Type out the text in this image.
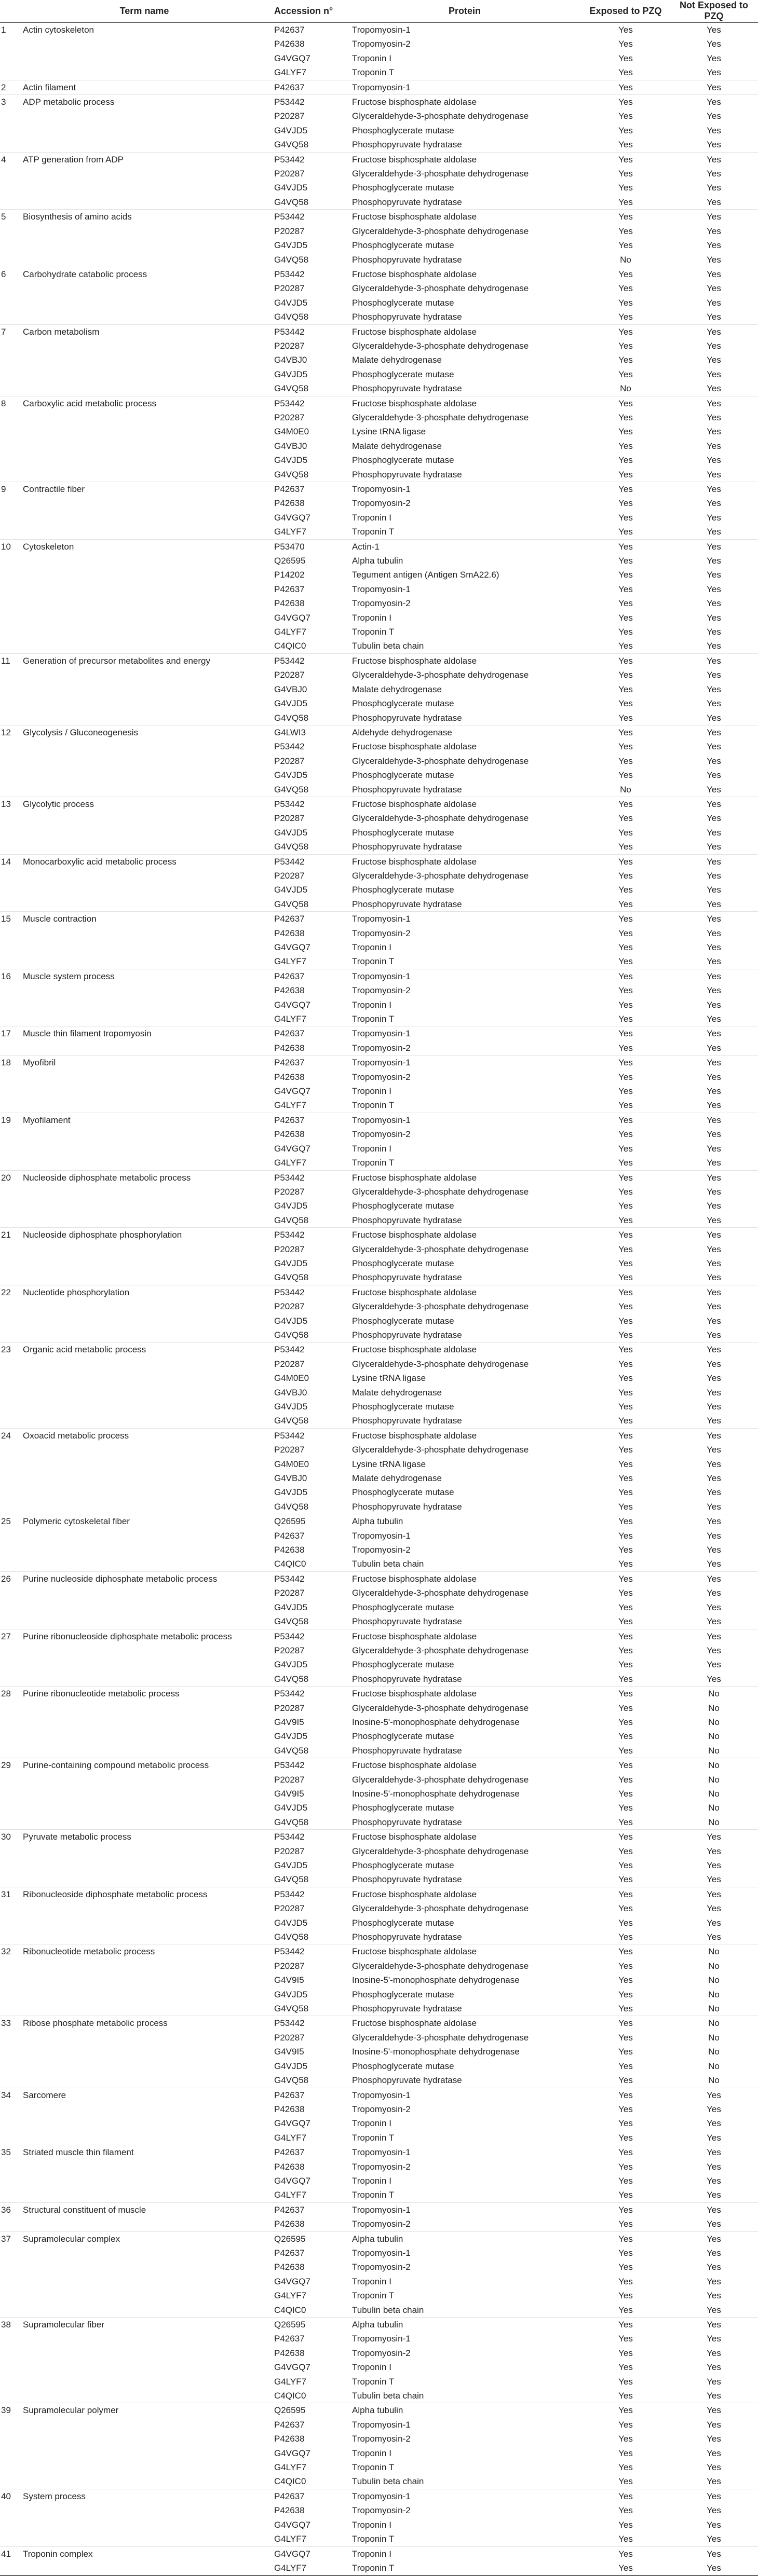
	Term name	Accession n°	Protein	Exposed to PZQ	Not Exposed to PZQ
1	Actin cytoskeleton	P42637	Tropomyosin-1	Yes	Yes
		P42638	Tropomyosin-2	Yes	Yes
		G4VGQ7	Troponin I	Yes	Yes
		G4LYF7	Troponin T	Yes	Yes
2	Actin filament	P42637	Tropomyosin-1	Yes	Yes
3	ADP metabolic process	P53442	Fructose bisphosphate aldolase	Yes	Yes
		P20287	Glyceraldehyde-3-phosphate dehydrogenase	Yes	Yes
		G4VJD5	Phosphoglycerate mutase	Yes	Yes
		G4VQ58	Phosphopyruvate hydratase	Yes	Yes
4	ATP generation from ADP	P53442	Fructose bisphosphate aldolase	Yes	Yes
		P20287	Glyceraldehyde-3-phosphate dehydrogenase	Yes	Yes
		G4VJD5	Phosphoglycerate mutase	Yes	Yes
		G4VQ58	Phosphopyruvate hydratase	Yes	Yes
5	Biosynthesis of amino acids	P53442	Fructose bisphosphate aldolase	Yes	Yes
		P20287	Glyceraldehyde-3-phosphate dehydrogenase	Yes	Yes
		G4VJD5	Phosphoglycerate mutase	Yes	Yes
		G4VQ58	Phosphopyruvate hydratase	No	Yes
6	Carbohydrate catabolic process	P53442	Fructose bisphosphate aldolase	Yes	Yes
		P20287	Glyceraldehyde-3-phosphate dehydrogenase	Yes	Yes
		G4VJD5	Phosphoglycerate mutase	Yes	Yes
		G4VQ58	Phosphopyruvate hydratase	Yes	Yes
7	Carbon metabolism	P53442	Fructose bisphosphate aldolase	Yes	Yes
		P20287	Glyceraldehyde-3-phosphate dehydrogenase	Yes	Yes
		G4VBJ0	Malate dehydrogenase	Yes	Yes
		G4VJD5	Phosphoglycerate mutase	Yes	Yes
		G4VQ58	Phosphopyruvate hydratase	No	Yes
8	Carboxylic acid metabolic process	P53442	Fructose bisphosphate aldolase	Yes	Yes
		P20287	Glyceraldehyde-3-phosphate dehydrogenase	Yes	Yes
		G4M0E0	Lysine tRNA ligase	Yes	Yes
		G4VBJ0	Malate dehydrogenase	Yes	Yes
		G4VJD5	Phosphoglycerate mutase	Yes	Yes
		G4VQ58	Phosphopyruvate hydratase	Yes	Yes
9	Contractile fiber	P42637	Tropomyosin-1	Yes	Yes
		P42638	Tropomyosin-2	Yes	Yes
		G4VGQ7	Troponin I	Yes	Yes
		G4LYF7	Troponin T	Yes	Yes
10	Cytoskeleton	P53470	Actin-1	Yes	Yes
		Q26595	Alpha tubulin	Yes	Yes
		P14202	Tegument antigen (Antigen SmA22.6)	Yes	Yes
		P42637	Tropomyosin-1	Yes	Yes
		P42638	Tropomyosin-2	Yes	Yes
		G4VGQ7	Troponin I	Yes	Yes
		G4LYF7	Troponin T	Yes	Yes
		C4QIC0	Tubulin beta chain	Yes	Yes
11	Generation of precursor metabolites and energy	P53442	Fructose bisphosphate aldolase	Yes	Yes
		P20287	Glyceraldehyde-3-phosphate dehydrogenase	Yes	Yes
		G4VBJ0	Malate dehydrogenase	Yes	Yes
		G4VJD5	Phosphoglycerate mutase	Yes	Yes
		G4VQ58	Phosphopyruvate hydratase	Yes	Yes
12	Glycolysis / Gluconeogenesis	G4LWI3	Aldehyde dehydrogenase	Yes	Yes
		P53442	Fructose bisphosphate aldolase	Yes	Yes
		P20287	Glyceraldehyde-3-phosphate dehydrogenase	Yes	Yes
		G4VJD5	Phosphoglycerate mutase	Yes	Yes
		G4VQ58	Phosphopyruvate hydratase	No	Yes
13	Glycolytic process	P53442	Fructose bisphosphate aldolase	Yes	Yes
		P20287	Glyceraldehyde-3-phosphate dehydrogenase	Yes	Yes
		G4VJD5	Phosphoglycerate mutase	Yes	Yes
		G4VQ58	Phosphopyruvate hydratase	Yes	Yes
14	Monocarboxylic acid metabolic process	P53442	Fructose bisphosphate aldolase	Yes	Yes
		P20287	Glyceraldehyde-3-phosphate dehydrogenase	Yes	Yes
		G4VJD5	Phosphoglycerate mutase	Yes	Yes
		G4VQ58	Phosphopyruvate hydratase	Yes	Yes
15	Muscle contraction	P42637	Tropomyosin-1	Yes	Yes
		P42638	Tropomyosin-2	Yes	Yes
		G4VGQ7	Troponin I	Yes	Yes
		G4LYF7	Troponin T	Yes	Yes
16	Muscle system process	P42637	Tropomyosin-1	Yes	Yes
		P42638	Tropomyosin-2	Yes	Yes
		G4VGQ7	Troponin I	Yes	Yes
		G4LYF7	Troponin T	Yes	Yes
17	Muscle thin filament tropomyosin	P42637	Tropomyosin-1	Yes	Yes
		P42638	Tropomyosin-2	Yes	Yes
18	Myofibril	P42637	Tropomyosin-1	Yes	Yes
		P42638	Tropomyosin-2	Yes	Yes
		G4VGQ7	Troponin I	Yes	Yes
		G4LYF7	Troponin T	Yes	Yes
19	Myofilament	P42637	Tropomyosin-1	Yes	Yes
		P42638	Tropomyosin-2	Yes	Yes
		G4VGQ7	Troponin I	Yes	Yes
		G4LYF7	Troponin T	Yes	Yes
20	Nucleoside diphosphate metabolic process	P53442	Fructose bisphosphate aldolase	Yes	Yes
		P20287	Glyceraldehyde-3-phosphate dehydrogenase	Yes	Yes
		G4VJD5	Phosphoglycerate mutase	Yes	Yes
		G4VQ58	Phosphopyruvate hydratase	Yes	Yes
21	Nucleoside diphosphate phosphorylation	P53442	Fructose bisphosphate aldolase	Yes	Yes
		P20287	Glyceraldehyde-3-phosphate dehydrogenase	Yes	Yes
		G4VJD5	Phosphoglycerate mutase	Yes	Yes
		G4VQ58	Phosphopyruvate hydratase	Yes	Yes
22	Nucleotide phosphorylation	P53442	Fructose bisphosphate aldolase	Yes	Yes
		P20287	Glyceraldehyde-3-phosphate dehydrogenase	Yes	Yes
		G4VJD5	Phosphoglycerate mutase	Yes	Yes
		G4VQ58	Phosphopyruvate hydratase	Yes	Yes
23	Organic acid metabolic process	P53442	Fructose bisphosphate aldolase	Yes	Yes
		P20287	Glyceraldehyde-3-phosphate dehydrogenase	Yes	Yes
		G4M0E0	Lysine tRNA ligase	Yes	Yes
		G4VBJ0	Malate dehydrogenase	Yes	Yes
		G4VJD5	Phosphoglycerate mutase	Yes	Yes
		G4VQ58	Phosphopyruvate hydratase	Yes	Yes
24	Oxoacid metabolic process	P53442	Fructose bisphosphate aldolase	Yes	Yes
		P20287	Glyceraldehyde-3-phosphate dehydrogenase	Yes	Yes
		G4M0E0	Lysine tRNA ligase	Yes	Yes
		G4VBJ0	Malate dehydrogenase	Yes	Yes
		G4VJD5	Phosphoglycerate mutase	Yes	Yes
		G4VQ58	Phosphopyruvate hydratase	Yes	Yes
25	Polymeric cytoskeletal fiber	Q26595	Alpha tubulin	Yes	Yes
		P42637	Tropomyosin-1	Yes	Yes
		P42638	Tropomyosin-2	Yes	Yes
		C4QIC0	Tubulin beta chain	Yes	Yes
26	Purine nucleoside diphosphate metabolic process	P53442	Fructose bisphosphate aldolase	Yes	Yes
		P20287	Glyceraldehyde-3-phosphate dehydrogenase	Yes	Yes
		G4VJD5	Phosphoglycerate mutase	Yes	Yes
		G4VQ58	Phosphopyruvate hydratase	Yes	Yes
27	Purine ribonucleoside diphosphate metabolic process	P53442	Fructose bisphosphate aldolase	Yes	Yes
		P20287	Glyceraldehyde-3-phosphate dehydrogenase	Yes	Yes
		G4VJD5	Phosphoglycerate mutase	Yes	Yes
		G4VQ58	Phosphopyruvate hydratase	Yes	Yes
28	Purine ribonucleotide metabolic process	P53442	Fructose bisphosphate aldolase	Yes	No
		P20287	Glyceraldehyde-3-phosphate dehydrogenase	Yes	No
		G4V9I5	Inosine-5'-monophosphate dehydrogenase	Yes	No
		G4VJD5	Phosphoglycerate mutase	Yes	No
		G4VQ58	Phosphopyruvate hydratase	Yes	No
29	Purine-containing compound metabolic process	P53442	Fructose bisphosphate aldolase	Yes	No
		P20287	Glyceraldehyde-3-phosphate dehydrogenase	Yes	No
		G4V9I5	Inosine-5'-monophosphate dehydrogenase	Yes	No
		G4VJD5	Phosphoglycerate mutase	Yes	No
		G4VQ58	Phosphopyruvate hydratase	Yes	No
30	Pyruvate metabolic process	P53442	Fructose bisphosphate aldolase	Yes	Yes
		P20287	Glyceraldehyde-3-phosphate dehydrogenase	Yes	Yes
		G4VJD5	Phosphoglycerate mutase	Yes	Yes
		G4VQ58	Phosphopyruvate hydratase	Yes	Yes
31	Ribonucleoside diphosphate metabolic process	P53442	Fructose bisphosphate aldolase	Yes	Yes
		P20287	Glyceraldehyde-3-phosphate dehydrogenase	Yes	Yes
		G4VJD5	Phosphoglycerate mutase	Yes	Yes
		G4VQ58	Phosphopyruvate hydratase	Yes	Yes
32	Ribonucleotide metabolic process	P53442	Fructose bisphosphate aldolase	Yes	No
		P20287	Glyceraldehyde-3-phosphate dehydrogenase	Yes	No
		G4V9I5	Inosine-5'-monophosphate dehydrogenase	Yes	No
		G4VJD5	Phosphoglycerate mutase	Yes	No
		G4VQ58	Phosphopyruvate hydratase	Yes	No
33	Ribose phosphate metabolic process	P53442	Fructose bisphosphate aldolase	Yes	No
		P20287	Glyceraldehyde-3-phosphate dehydrogenase	Yes	No
		G4V9I5	Inosine-5'-monophosphate dehydrogenase	Yes	No
		G4VJD5	Phosphoglycerate mutase	Yes	No
		G4VQ58	Phosphopyruvate hydratase	Yes	No
34	Sarcomere	P42637	Tropomyosin-1	Yes	Yes
		P42638	Tropomyosin-2	Yes	Yes
		G4VGQ7	Troponin I	Yes	Yes
		G4LYF7	Troponin T	Yes	Yes
35	Striated muscle thin filament	P42637	Tropomyosin-1	Yes	Yes
		P42638	Tropomyosin-2	Yes	Yes
		G4VGQ7	Troponin I	Yes	Yes
		G4LYF7	Troponin T	Yes	Yes
36	Structural constituent of muscle	P42637	Tropomyosin-1	Yes	Yes
		P42638	Tropomyosin-2	Yes	Yes
37	Supramolecular complex	Q26595	Alpha tubulin	Yes	Yes
		P42637	Tropomyosin-1	Yes	Yes
		P42638	Tropomyosin-2	Yes	Yes
		G4VGQ7	Troponin I	Yes	Yes
		G4LYF7	Troponin T	Yes	Yes
		C4QIC0	Tubulin beta chain	Yes	Yes
38	Supramolecular fiber	Q26595	Alpha tubulin	Yes	Yes
		P42637	Tropomyosin-1	Yes	Yes
		P42638	Tropomyosin-2	Yes	Yes
		G4VGQ7	Troponin I	Yes	Yes
		G4LYF7	Troponin T	Yes	Yes
		C4QIC0	Tubulin beta chain	Yes	Yes
39	Supramolecular polymer	Q26595	Alpha tubulin	Yes	Yes
		P42637	Tropomyosin-1	Yes	Yes
		P42638	Tropomyosin-2	Yes	Yes
		G4VGQ7	Troponin I	Yes	Yes
		G4LYF7	Troponin T	Yes	Yes
		C4QIC0	Tubulin beta chain	Yes	Yes
40	System process	P42637	Tropomyosin-1	Yes	Yes
		P42638	Tropomyosin-2	Yes	Yes
		G4VGQ7	Troponin I	Yes	Yes
		G4LYF7	Troponin T	Yes	Yes
41	Troponin complex	G4VGQ7	Troponin I	Yes	Yes
		G4LYF7	Troponin T	Yes	Yes
